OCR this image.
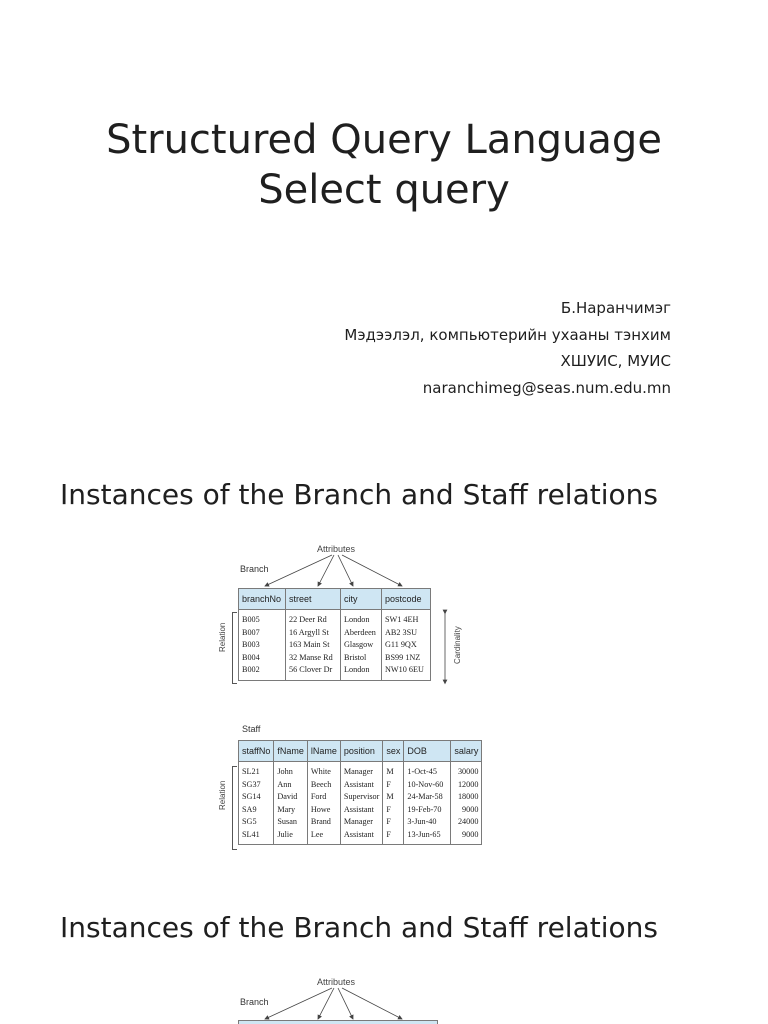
Structured Query Language
Select query
Б.Наранчимэг
Мэдээлэл, компьютерийн ухааны тэнхим
ХШУИС, МУИС
naranchimeg@seas.num.edu.mn
Instances of the Branch and Staff relations
Attributes
Branch
Relation
branchNo	street	city	postcode
B005	22 Deer Rd	London	SW1 4EH
B007	16 Argyll St	Aberdeen	AB2 3SU
B003	163 Main St	Glasgow	G11 9QX
B004	32 Manse Rd	Bristol	BS99 1NZ
B002	56 Clover Dr	London	NW10 6EU
Cardinality
Staff
Relation
staffNo	fName	lName	position	sex	DOB	salary
SL21	John	White	Manager	M	1-Oct-45	30000
SG37	Ann	Beech	Assistant	F	10-Nov-60	12000
SG14	David	Ford	Supervisor	M	24-Mar-58	18000
SA9	Mary	Howe	Assistant	F	19-Feb-70	9000
SG5	Susan	Brand	Manager	F	3-Jun-40	24000
SL41	Julie	Lee	Assistant	F	13-Jun-65	9000
Instances of the Branch and Staff relations
Attributes
Branch
